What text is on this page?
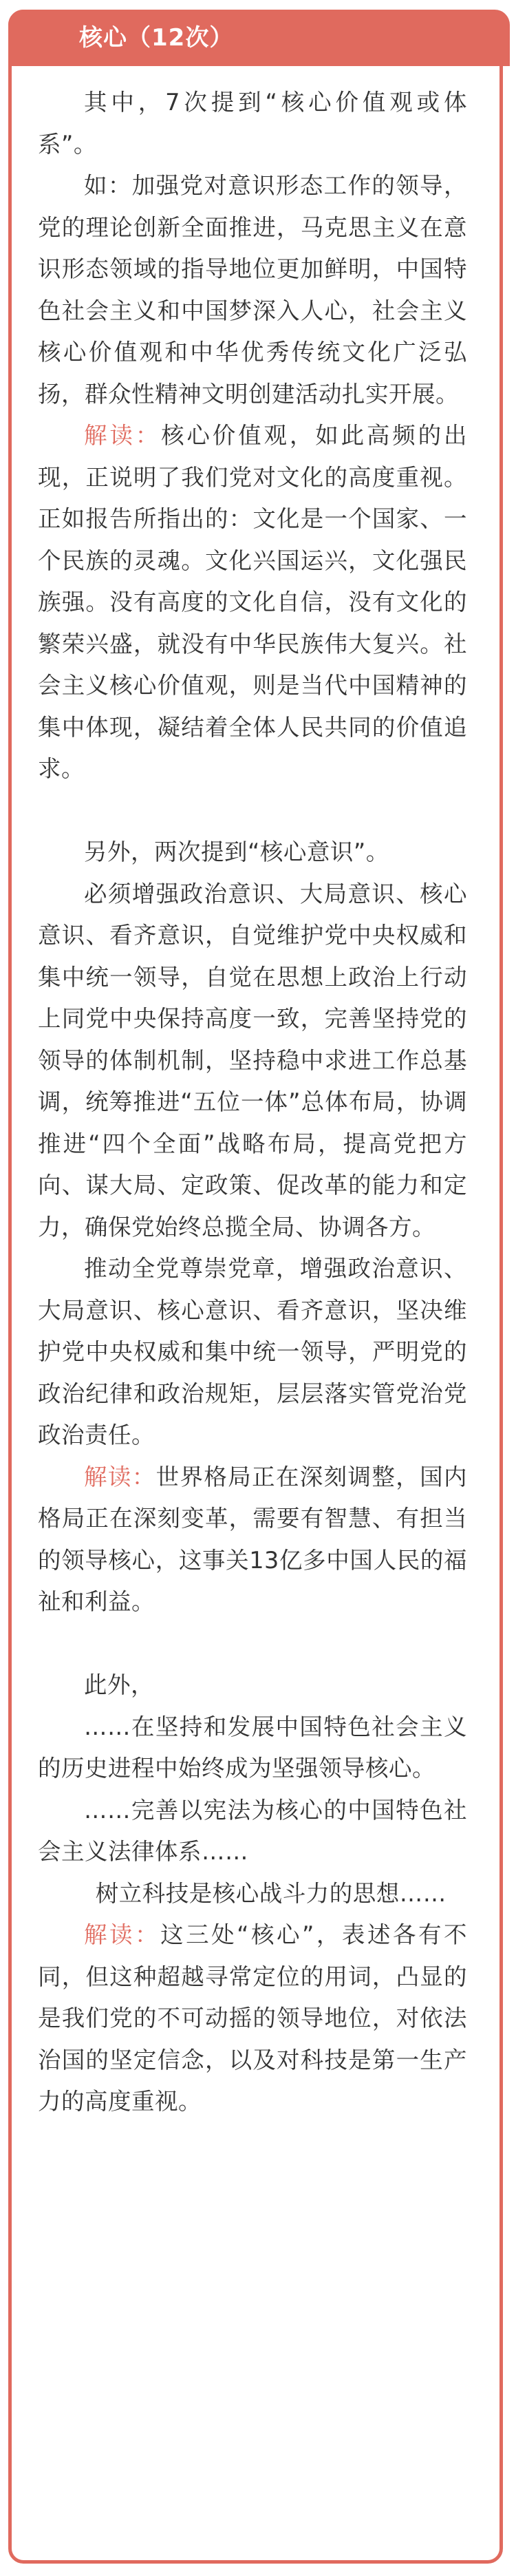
核心（12次）

其中，7次提到“核心价值观或体系”。

如：加强党对意识形态工作的领导，党的理论创新全面推进，马克思主义在意识形态领域的指导地位更加鲜明，中国特色社会主义和中国梦深入人心，社会主义核心价值观和中华优秀传统文化广泛弘扬，群众性精神文明创建活动扎实开展。

解读：核心价值观，如此高频的出现，正说明了我们党对文化的高度重视。正如报告所指出的：文化是一个国家、一个民族的灵魂。文化兴国运兴，文化强民族强。没有高度的文化自信，没有文化的繁荣兴盛，就没有中华民族伟大复兴。社会主义核心价值观，则是当代中国精神的集中体现，凝结着全体人民共同的价值追求。

另外，两次提到“核心意识”。

必须增强政治意识、大局意识、核心意识、看齐意识，自觉维护党中央权威和集中统一领导，自觉在思想上政治上行动上同党中央保持高度一致，完善坚持党的领导的体制机制，坚持稳中求进工作总基调，统筹推进“五位一体”总体布局，协调推进“四个全面”战略布局，提高党把方向、谋大局、定政策、促改革的能力和定力，确保党始终总揽全局、协调各方。

推动全党尊崇党章，增强政治意识、大局意识、核心意识、看齐意识，坚决维护党中央权威和集中统一领导，严明党的政治纪律和政治规矩，层层落实管党治党政治责任。

解读：世界格局正在深刻调整，国内格局正在深刻变革，需要有智慧、有担当的领导核心，这事关13亿多中国人民的福祉和利益。

此外，

……在坚持和发展中国特色社会主义的历史进程中始终成为坚强领导核心。

……完善以宪法为核心的中国特色社会主义法律体系……

树立科技是核心战斗力的思想……

解读：这三处“核心”，表述各有不同，但这种超越寻常定位的用词，凸显的是我们党的不可动摇的领导地位，对依法治国的坚定信念，以及对科技是第一生产力的高度重视。
